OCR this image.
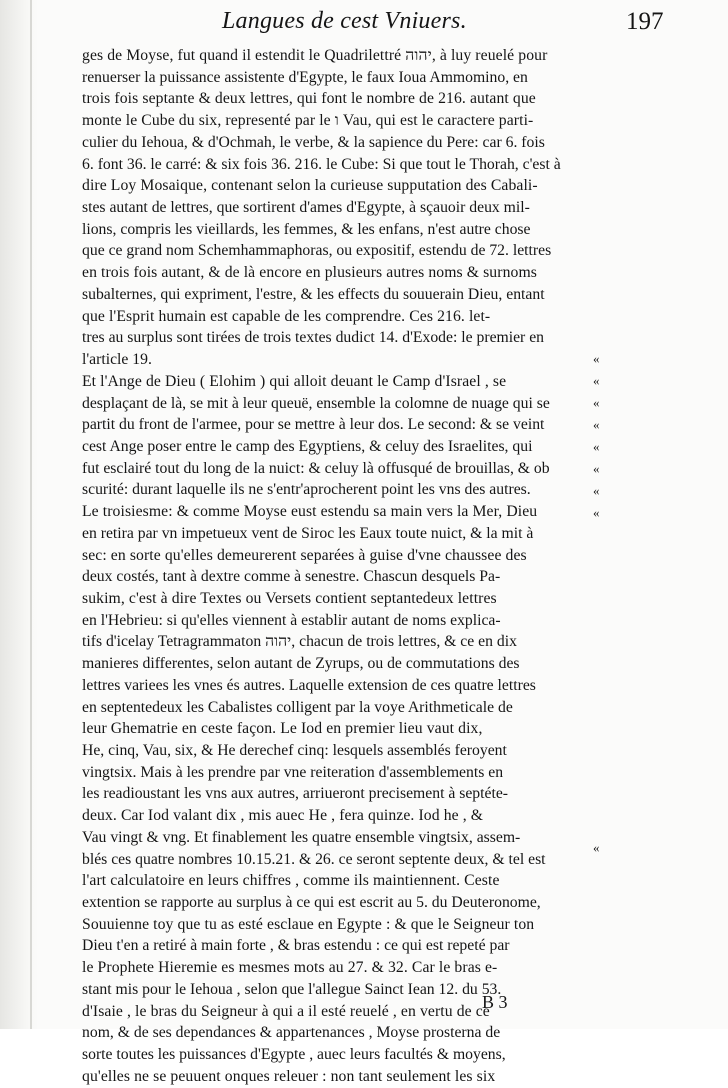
Langues de cest Vniuers.	197
ges de Moyse, fut quand il estendit le Quadrilettré יהוה, à luy reuelé pour
renuerser la puissance assistente d'Egypte, le faux Ioua Ammomino, en
trois fois septante & deux lettres, qui font le nombre de 216. autant que
monte le Cube du six, representé par le ו Vau, qui est le caractere parti-
culier du Iehoua, & d'Ochmah, le verbe, & la sapience du Pere: car 6. fois
6. font 36. le carré: & six fois 36. 216. le Cube: Si que tout le Thorah, c'est à
dire Loy Mosaique, contenant selon la curieuse supputation des Cabali-
stes autant de lettres, que sortirent d'ames d'Egypte, à sçauoir deux mil-
lions, compris les vieillards, les femmes, & les enfans, n'est autre chose
que ce grand nom Schemhammaphoras, ou expositif, estendu de 72. lettres
en trois fois autant, & de là encore en plusieurs autres noms & surnoms
subalternes, qui expriment, l'estre, & les effects du souuerain Dieu, entant
que l'Esprit humain est capable de les comprendre. Ces 216. let-
tres au surplus sont tirées de trois textes dudict 14. d'Exode: le premier en
l'article 19.
Et l'Ange de Dieu ( Elohim ) qui alloit deuant le Camp d'Israel , se
desplaçant de là, se mit à leur queuë, ensemble la colomne de nuage qui se
partit du front de l'armee, pour se mettre à leur dos. Le second: & se veint
cest Ange poser entre le camp des Egyptiens, & celuy des Israelites, qui
fut esclairé tout du long de la nuict: & celuy là offusqué de brouillas, & ob
scurité: durant laquelle ils ne s'entr'aprocherent point les vns des autres.
Le troisiesme: & comme Moyse eust estendu sa main vers la Mer, Dieu
en retira par vn impetueux vent de Siroc les Eaux toute nuict, & la mit à
sec: en sorte qu'elles demeurerent separées à guise d'vne chaussee des
deux costés, tant à dextre comme à senestre. Chascun desquels Pa-
sukim, c'est à dire Textes ou Versets contient septantedeux lettres
en l'Hebrieu: si qu'elles viennent à establir autant de noms explica-
tifs d'icelay Tetragrammaton יהוה, chacun de trois lettres, & ce en dix
manieres differentes, selon autant de Zyrups, ou de commutations des
lettres variees les vnes és autres. Laquelle extension de ces quatre lettres
en septentedeux les Cabalistes colligent par la voye Arithmeticale de
leur Ghematrie en ceste façon. Le Iod en premier lieu vaut dix,
He, cinq, Vau, six, & He derechef cinq: lesquels assemblés feroyent
vingtsix. Mais à les prendre par vne reiteration d'assemblements en
les readioustant les vns aux autres, arriueront precisement à septéte-
deux. Car Iod valant dix , mis auec He , fera quinze. Iod he , &
Vau vingt & vng. Et finablement les quatre ensemble vingtsix, assem-
blés ces quatre nombres 10.15.21. & 26. ce seront septente deux, & tel est
l'art calculatoire en leurs chiffres , comme ils maintiennent. Ceste
extention se rapporte au surplus à ce qui est escrit au 5. du Deuteronome,
Souuienne toy que tu as esté esclaue en Egypte : & que le Seigneur ton
Dieu t'en a retiré à main forte , & bras estendu : ce qui est repeté par
le Prophete Hieremie es mesmes mots au 27. & 32. Car le bras e-
stant mis pour le Iehoua , selon que l'allegue Sainct Iean 12. du 53.
d'Isaie , le bras du Seigneur à qui a il esté reuelé , en vertu de ce
nom, & de ses dependances & appartenances , Moyse prosterna de
sorte toutes les puissances d'Egypte , auec leurs facultés & moyens,
qu'elles ne se peuuent onques releuer : non tant seulement les six
«
«
«
«
«
«
«
«
«
B 3
